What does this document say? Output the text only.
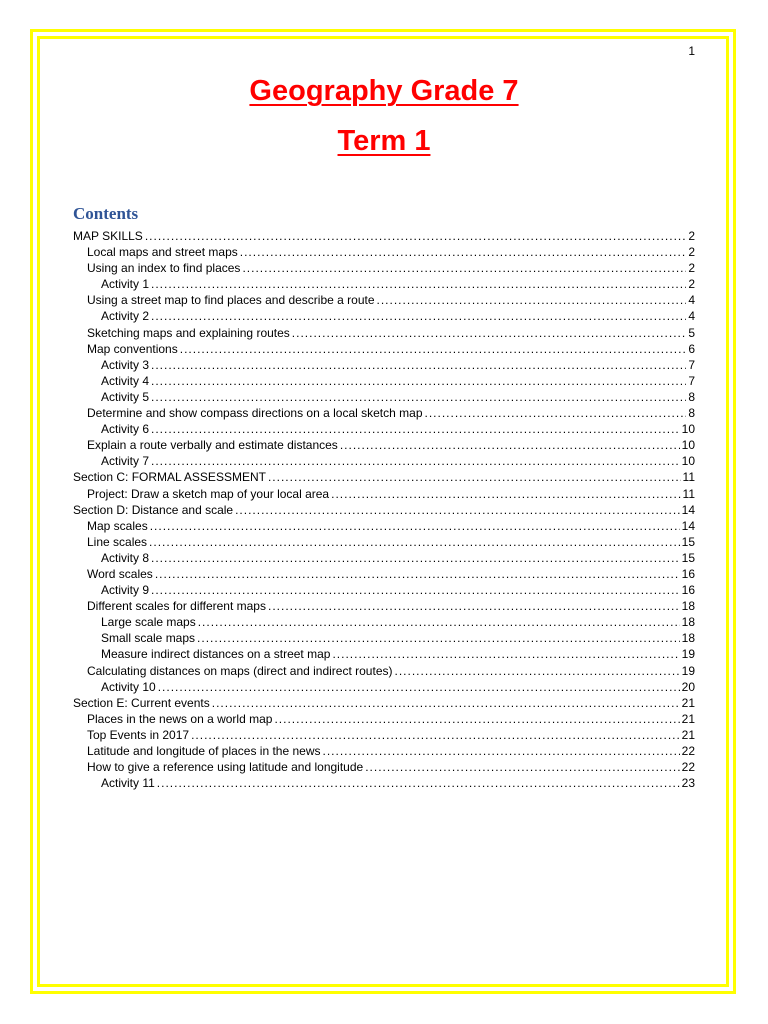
1
Geography Grade 7
Term 1
Contents
MAP SKILLS .....	2
Local maps and street maps .....	2
Using an index to find places .....	2
Activity 1 .....	2
Using a street map to find places and describe a route .....	4
Activity 2 .....	4
Sketching maps and explaining routes .....	5
Map conventions .....	6
Activity 3 .....	7
Activity 4 .....	7
Activity 5 .....	8
Determine and show compass directions on a local sketch map .....	8
Activity 6 .....	10
Explain a route verbally and estimate distances .....	10
Activity 7 .....	10
Section C: FORMAL ASSESSMENT .....	11
Project: Draw a sketch map of your local area .....	11
Section D: Distance and scale .....	14
Map scales .....	14
Line scales .....	15
Activity 8 .....	15
Word scales .....	16
Activity 9 .....	16
Different scales for different maps .....	18
Large scale maps .....	18
Small scale maps .....	18
Measure indirect distances on a street map .....	19
Calculating distances on maps (direct and indirect routes) .....	19
Activity 10 .....	20
Section E: Current events .....	21
Places in the news on a world map .....	21
Top Events in 2017 .....	21
Latitude and longitude of places in the news .....	22
How to give a reference using latitude and longitude .....	22
Activity 11 .....	23
